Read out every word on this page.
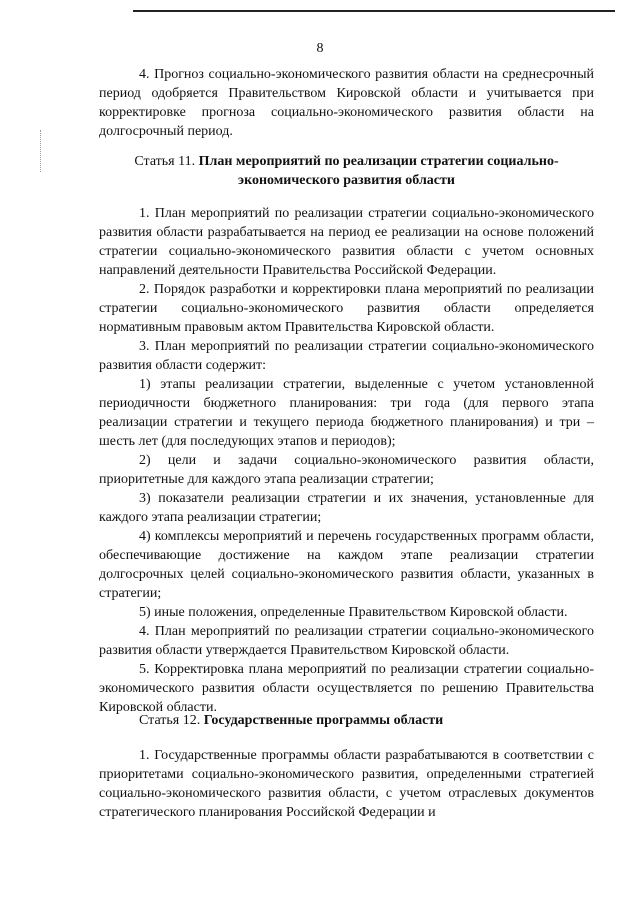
8

4. Прогноз социально-экономического развития области на среднесрочный период одобряется Правительством Кировской области и учитывается при корректировке прогноза социально-экономического развития области на долгосрочный период.

Статья 11. План мероприятий по реализации стратегии социально-
экономического развития области

1. План мероприятий по реализации стратегии социально-экономического развития области разрабатывается на период ее реализации на основе положений стратегии социально-экономического развития области с учетом основных направлений деятельности Правительства Российской Федерации.

2. Порядок разработки и корректировки плана мероприятий по реализации стратегии социально-экономического развития области определяется нормативным правовым актом Правительства Кировской области.

3. План мероприятий по реализации стратегии социально-экономического развития области содержит:

1) этапы реализации стратегии, выделенные с учетом установленной периодичности бюджетного планирования: три года (для первого этапа реализации стратегии и текущего периода бюджетного планирования) и три – шесть лет (для последующих этапов и периодов);

2) цели и задачи социально-экономического развития области, приоритетные для каждого этапа реализации стратегии;

3) показатели реализации стратегии и их значения, установленные для каждого этапа реализации стратегии;

4) комплексы мероприятий и перечень государственных программ области, обеспечивающие достижение на каждом этапе реализации стратегии долгосрочных целей социально-экономического развития области, указанных в стратегии;

5) иные положения, определенные Правительством Кировской области.

4. План мероприятий по реализации стратегии социально-экономического развития области утверждается Правительством Кировской области.

5. Корректировка плана мероприятий по реализации стратегии социально-экономического развития области осуществляется по решению Правительства Кировской области.

Статья 12. Государственные программы области

1. Государственные программы области разрабатываются в соответствии с приоритетами социально-экономического развития, определенными стратегией социально-экономического развития области, с учетом отраслевых документов стратегического планирования Российской Федерации и
